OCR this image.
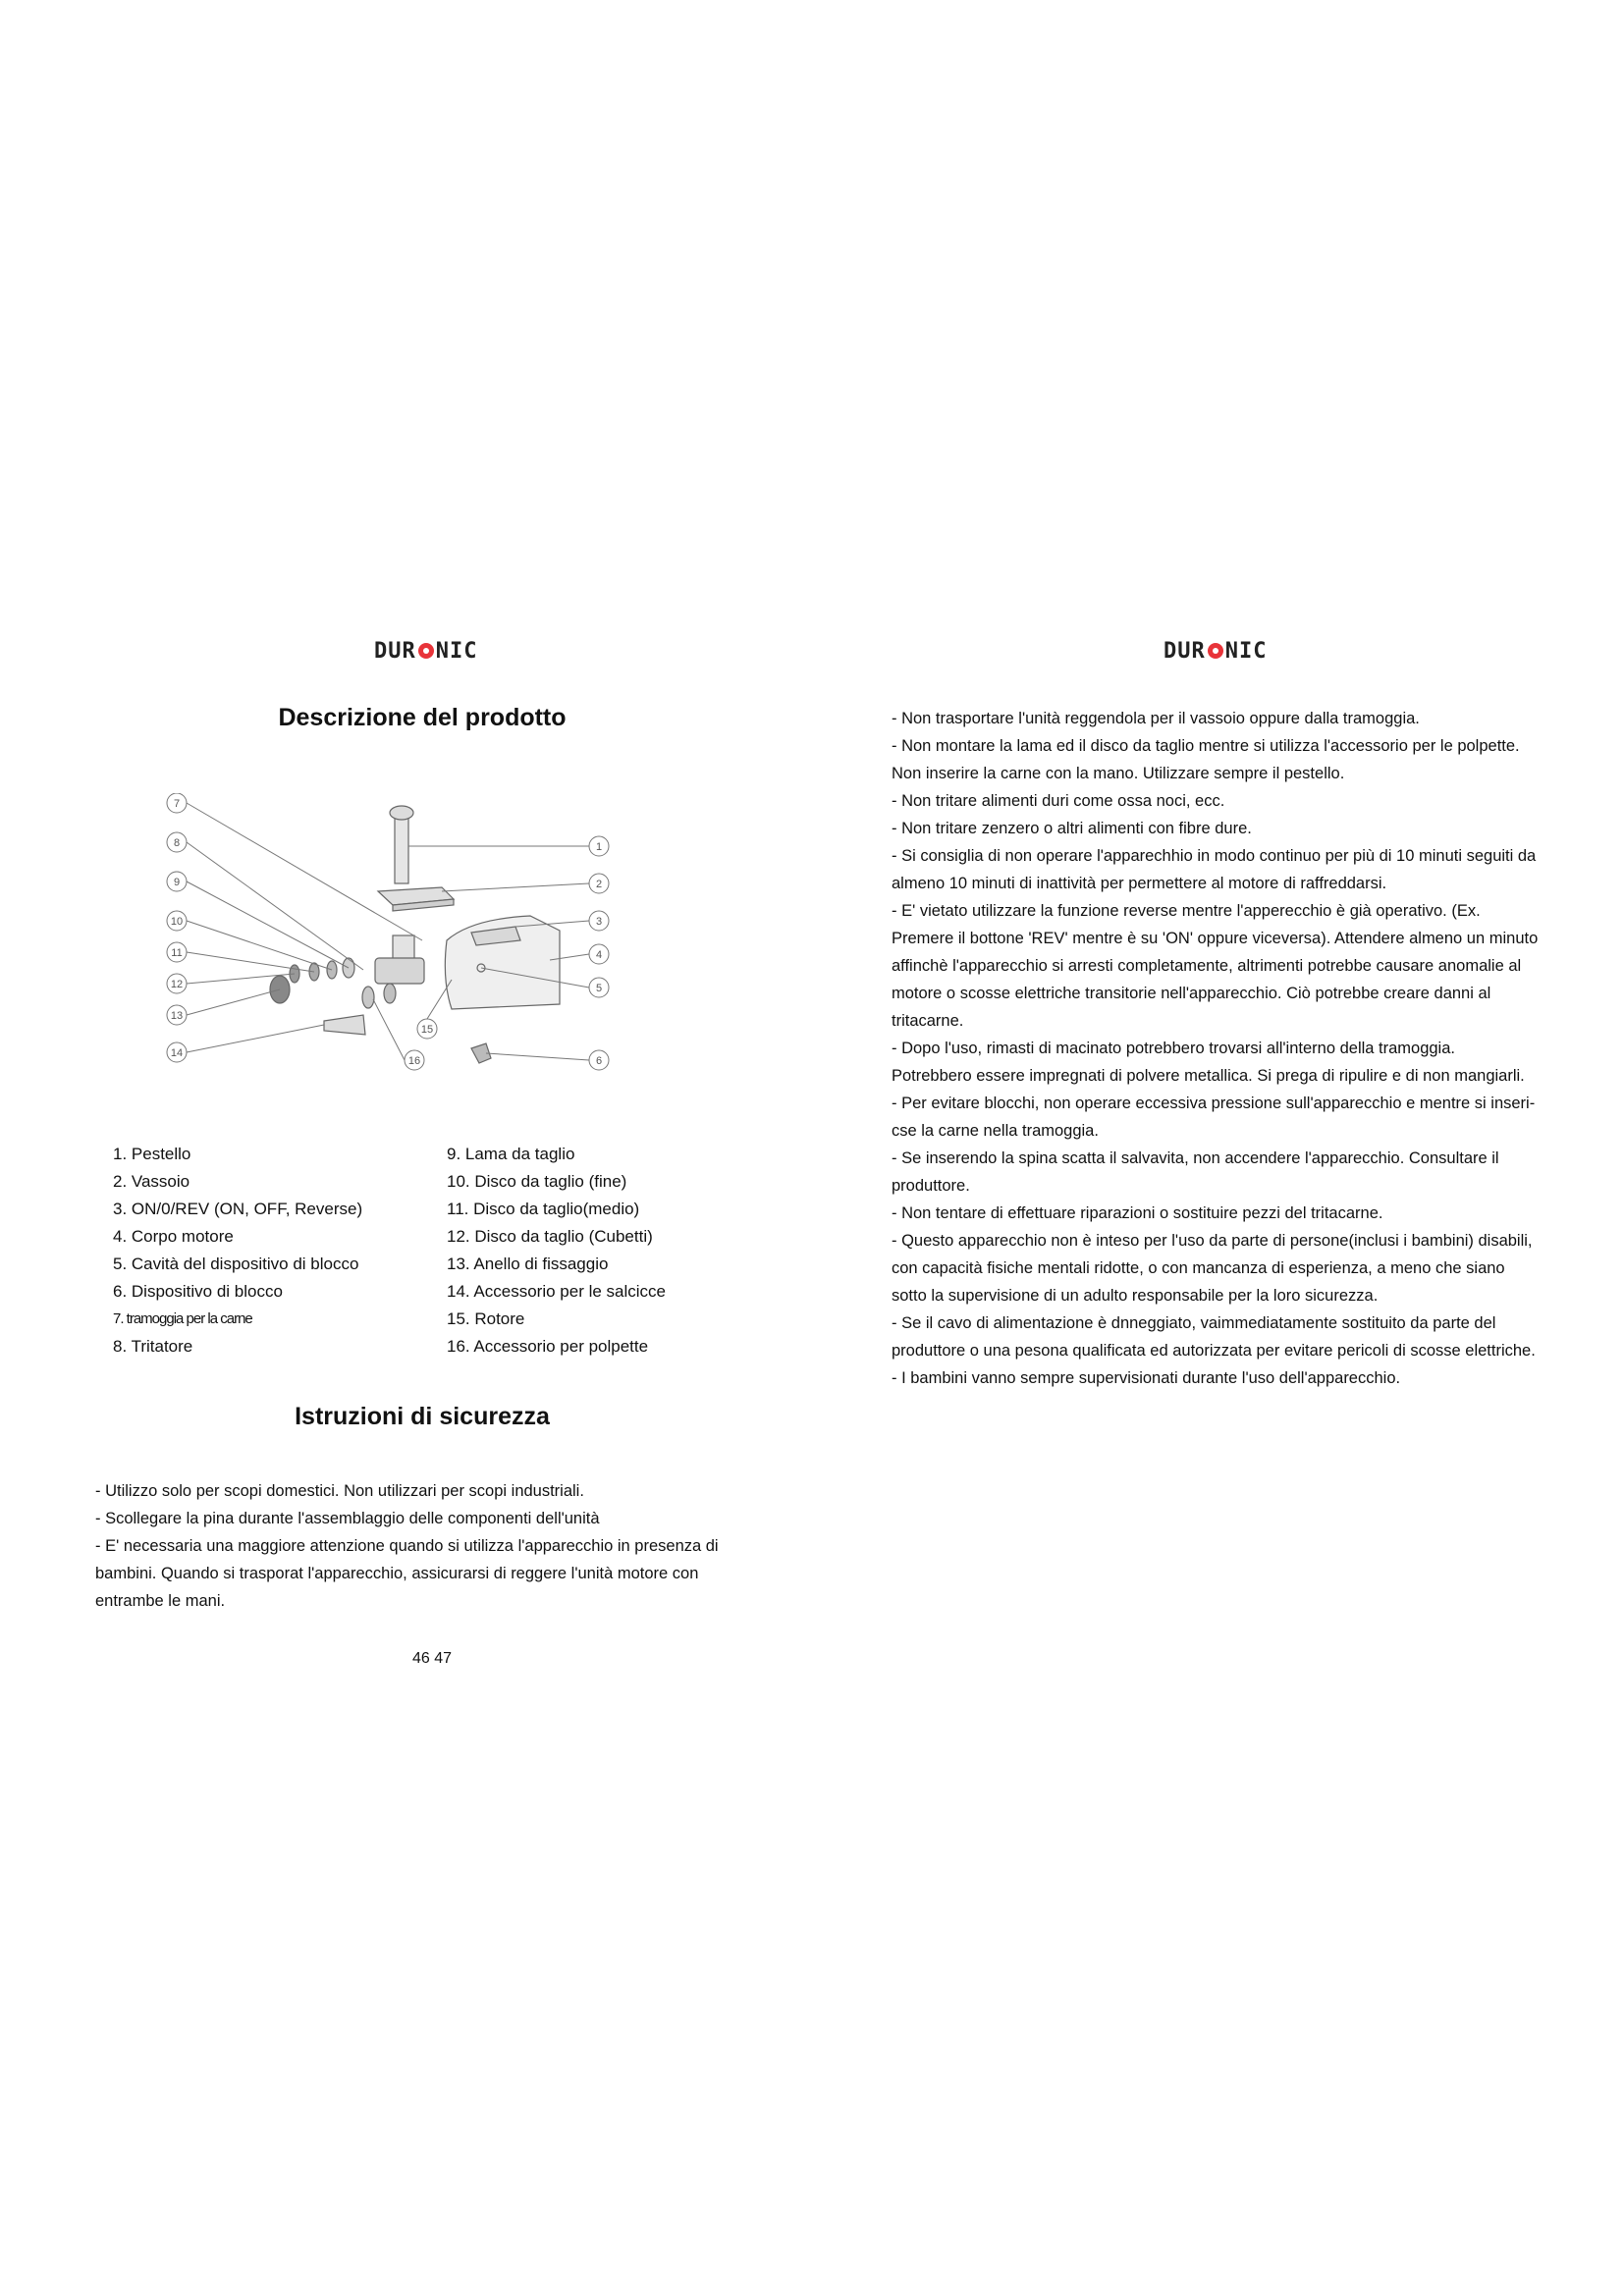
DUR NIC	DUR NIC
Descrizione del prodotto
7
8
9
10
11
12
13
14
1
2
3
4
5
6
16
15
1. Pestello
2. Vassoio
3. ON/0/REV (ON, OFF, Reverse)
4. Corpo motore
5. Cavità del dispositivo di blocco
6. Dispositivo di blocco
7. tramoggia per la carne
8. Tritatore
9. Lama da taglio
10. Disco da taglio (fine)
11. Disco da taglio(medio)
12. Disco da taglio (Cubetti)
13. Anello di fissaggio
14. Accessorio per le salcicce
15. Rotore
16. Accessorio per polpette
Istruzioni di sicurezza

- Utilizzo solo per scopi domestici. Non utilizzari per scopi industriali.

- Scollegare la pina durante l'assemblaggio delle componenti dell'unità

- E' necessaria una maggiore attenzione quando si utilizza l'apparecchio in presenza di bambini. Quando si trasporat l'apparecchio, assicurarsi di reggere l'unità motore con entrambe le mani.

46 47

- Non trasportare l'unità reggendola per il vassoio oppure dalla tramoggia.

- Non montare la lama ed il disco da taglio mentre si utilizza l'accessorio per le polpette. Non inserire la carne con la mano. Utilizzare sempre il pestello.

- Non tritare alimenti duri come ossa noci, ecc.

- Non tritare zenzero o altri alimenti con fibre dure.

- Si consiglia di non operare l'apparechhio in modo continuo per più di 10 minuti seguiti da almeno 10 minuti di inattività per permettere al motore di raffreddarsi.

- E' vietato utilizzare la funzione reverse mentre l'apperecchio è già operativo. (Ex. Premere il bottone 'REV' mentre è su 'ON' oppure viceversa). Attendere almeno un minuto affinchè l'apparecchio si arresti completamente, altrimenti potrebbe causare anomalie al motore o scosse elettriche transitorie nell'apparecchio. Ciò potrebbe creare danni al tritacarne.

- Dopo l'uso, rimasti di macinato potrebbero trovarsi all'interno della tramoggia. Potrebbero essere impregnati di polvere metallica. Si prega di ripulire e di non mangiarli.

- Per evitare blocchi, non operare eccessiva pressione sull'apparecchio e mentre si insericse la carne nella tramoggia.

- Se inserendo la spina scatta il salvavita, non accendere l'apparecchio. Consultare il produttore.

- Non tentare di effettuare riparazioni o sostituire pezzi del tritacarne.

- Questo apparecchio non è inteso per l'uso da parte di persone(inclusi i bambini) disabili, con capacità fisiche mentali ridotte, o con mancanza di esperienza, a meno che siano sotto la supervisione di un adulto responsabile per la loro sicurezza.

- Se il cavo di alimentazione è dnneggiato, vaimmediatamente sostituito da parte del produttore o una pesona qualificata ed autorizzata per evitare pericoli di scosse elettriche.

- I bambini vanno sempre supervisionati durante l'uso dell'apparecchio.
